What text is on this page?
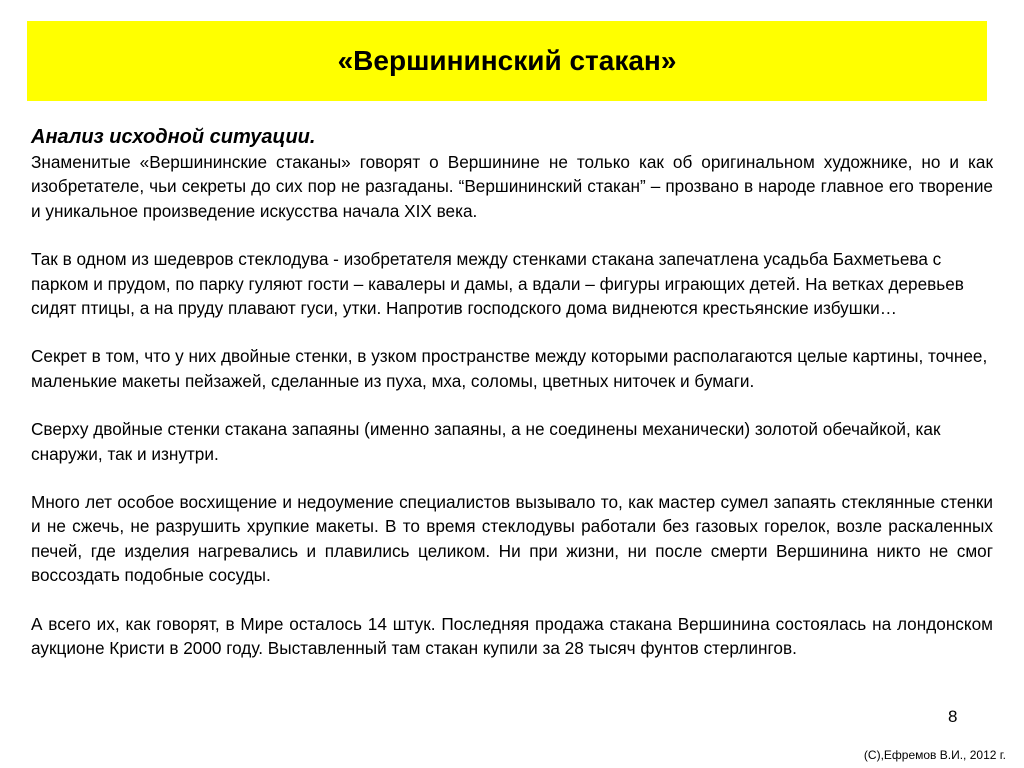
«Вершининский стакан»

Анализ исходной ситуации.

Знаменитые «Вершининские стаканы» говорят о Вершинине не только как об оригинальном художнике, но и как изобретателе, чьи секреты до сих пор не разгаданы. “Вершининский стакан” – прозвано в народе главное его творение и уникальное произведение искусства начала XIX века.

Так в одном из шедевров стеклодува - изобретателя между стенками стакана запечатлена усадьба Бахметьева с парком и прудом, по парку гуляют гости – кавалеры и дамы, а вдали – фигуры играющих детей. На ветках деревьев сидят птицы, а на пруду плавают гуси, утки. Напротив господского дома виднеются крестьянские избушки…

Секрет в том, что у них двойные стенки, в узком пространстве между которыми располагаются целые картины, точнее, маленькие макеты пейзажей, сделанные из пуха, мха, соломы, цветных ниточек и бумаги.

Сверху двойные стенки стакана запаяны (именно запаяны, а не соединены механически) золотой обечайкой, как снаружи, так и изнутри.

Много лет особое восхищение и недоумение специалистов вызывало то, как мастер сумел запаять стеклянные стенки и не сжечь, не разрушить хрупкие макеты. В то время стеклодувы работали без газовых горелок, возле раскаленных печей, где изделия нагревались и плавились целиком. Ни при жизни, ни после смерти Вершинина никто не смог воссоздать подобные сосуды.

А всего их, как говорят, в Мире осталось 14 штук. Последняя продажа стакана Вершинина состоялась на лондонском аукционе Кристи в 2000 году. Выставленный там стакан купили за 28 тысяч фунтов стерлингов.

8
(С),Ефремов В.И., 2012 г.
